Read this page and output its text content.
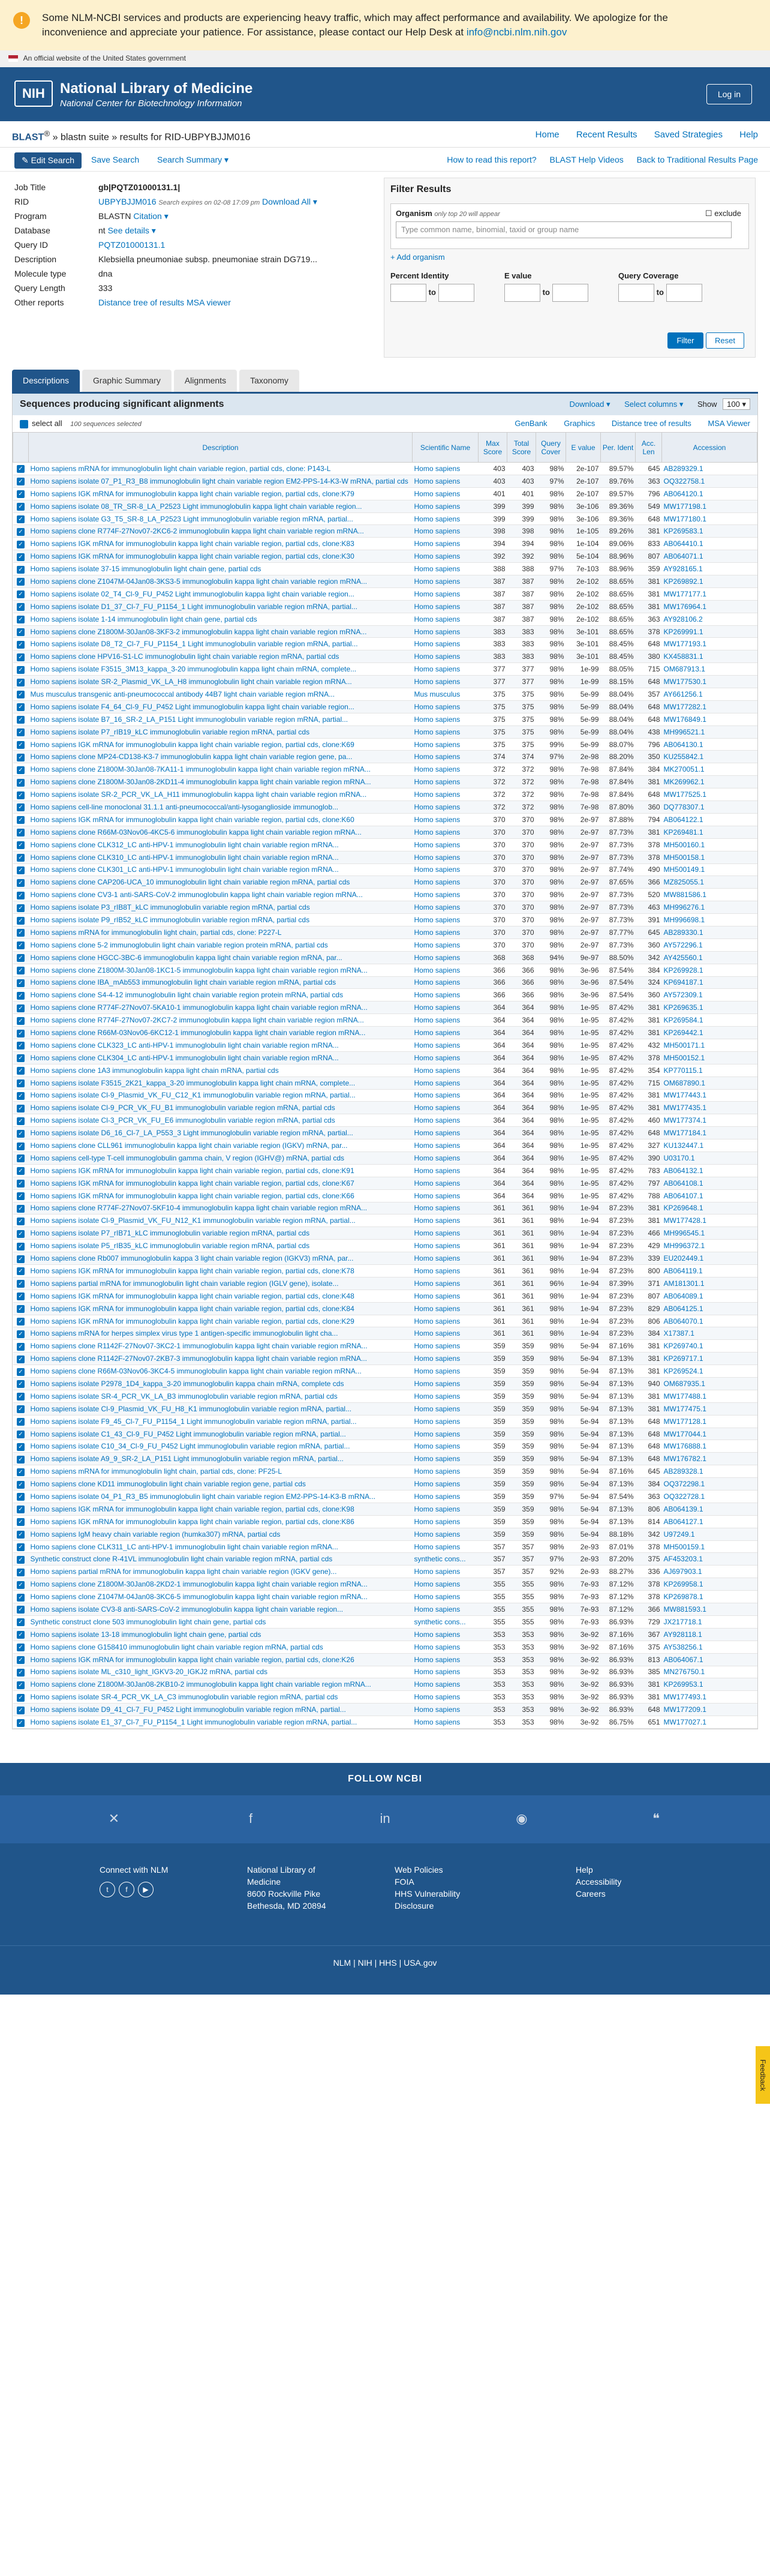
!	Some NLM-NCBI services and products are experiencing heavy traffic, which may affect performance and availability. We apologize for the inconvenience and appreciate your patience. For assistance, please contact our Help Desk at info@ncbi.nlm.nih.gov
An official website of the United States government
NIH	National Library of Medicine
National Center for Biotechnology Information
Log in
BLAST® » blastn suite » results for RID-UBPYBJJM016	Home Recent Results Saved Strategies Help
✎ Edit Search	Save Search Search Summary ▾	How to read this report? BLAST Help Videos Back to Traditional Results Page
Job Title	gb|PQTZ01000131.1|
RID	UBPYBJJM016 Search expires on 02-08 17:09 pm Download All ▾
Program	BLASTN Citation ▾
Database	nt See details ▾
Query ID	PQTZ01000131.1
Description	Klebsiella pneumoniae subsp. pneumoniae strain DG719...
Molecule type	dna
Query Length	333
Other reports	Distance tree of results MSA viewer
Filter Results
Organism only top 20 will appear	☐ exclude
Type common name, binomial, taxid or group name
+ Add organism
Percent Identity
to
E value
to
Query Coverage
to
Filter	Reset
Descriptions	Graphic Summary	Alignments	Taxonomy
Sequences producing significant alignments	Download ▾ Select columns ▾ Show 100 ▾
select all 100 sequences selected	GenBank Graphics Distance tree of results MSA Viewer
	Description	Scientific Name	Max Score	Total Score	Query Cover	E value	Per. Ident	Acc. Len	Accession
✓	Homo sapiens mRNA for immunoglobulin light chain variable region, partial cds, clone: P143-L	Homo sapiens	403	403	98%	2e-107	89.57%	645	AB289329.1
✓	Homo sapiens isolate 07_P1_R3_B8 immunoglobulin light chain variable region EM2-PPS-14-K3-W mRNA, partial cds	Homo sapiens	403	403	97%	2e-107	89.76%	363	OQ322758.1
✓	Homo sapiens IGK mRNA for immunoglobulin kappa light chain variable region, partial cds, clone:K79	Homo sapiens	401	401	98%	2e-107	89.57%	796	AB064120.1
✓	Homo sapiens isolate 08_TR_SR-8_LA_P2523 Light immunoglobulin kappa light chain variable region...	Homo sapiens	399	399	98%	3e-106	89.36%	549	MW177198.1
✓	Homo sapiens isolate G3_T5_SR-8_LA_P2523 Light immunoglobulin variable region mRNA, partial...	Homo sapiens	399	399	98%	3e-106	89.36%	648	MW177180.1
✓	Homo sapiens clone R774F-27Nov07-2KC6-2 immunoglobulin kappa light chain variable region mRNA...	Homo sapiens	398	398	98%	1e-105	89.26%	381	KP269583.1
✓	Homo sapiens IGK mRNA for immunoglobulin kappa light chain variable region, partial cds, clone:K83	Homo sapiens	394	394	98%	1e-104	89.06%	833	AB064410.1
✓	Homo sapiens IGK mRNA for immunoglobulin kappa light chain variable region, partial cds, clone:K30	Homo sapiens	392	392	98%	5e-104	88.96%	807	AB064071.1
✓	Homo sapiens isolate 37-15 immunoglobulin light chain gene, partial cds	Homo sapiens	388	388	97%	7e-103	88.96%	359	AY928165.1
✓	Homo sapiens clone Z1047M-04Jan08-3KS3-5 immunoglobulin kappa light chain variable region mRNA...	Homo sapiens	387	387	98%	2e-102	88.65%	381	KP269892.1
✓	Homo sapiens isolate 02_T4_Cl-9_FU_P452 Light immunoglobulin kappa light chain variable region...	Homo sapiens	387	387	98%	2e-102	88.65%	381	MW177177.1
✓	Homo sapiens isolate D1_37_Cl-7_FU_P1154_1 Light immunoglobulin variable region mRNA, partial...	Homo sapiens	387	387	98%	2e-102	88.65%	381	MW176964.1
✓	Homo sapiens isolate 1-14 immunoglobulin light chain gene, partial cds	Homo sapiens	387	387	98%	2e-102	88.65%	363	AY928106.2
✓	Homo sapiens clone Z1800M-30Jan08-3KF3-2 immunoglobulin kappa light chain variable region mRNA...	Homo sapiens	383	383	98%	3e-101	88.65%	378	KP269991.1
✓	Homo sapiens isolate D8_T2_Cl-7_FU_P1154_1 Light immunoglobulin variable region mRNA, partial...	Homo sapiens	383	383	98%	3e-101	88.45%	648	MW177193.1
✓	Homo sapiens clone HPV16-S1-LC immunoglobulin light chain variable region mRNA, partial cds	Homo sapiens	383	383	98%	3e-101	88.45%	380	KX458831.1
✓	Homo sapiens isolate F3515_3M13_kappa_3-20 immunoglobulin kappa light chain mRNA, complete...	Homo sapiens	377	377	98%	1e-99	88.05%	715	OM687913.1
✓	Homo sapiens isolate SR-2_Plasmid_VK_LA_H8 immunoglobulin light chain variable region mRNA...	Homo sapiens	377	377	98%	1e-99	88.15%	648	MW177530.1
✓	Mus musculus transgenic anti-pneumococcal antibody 44B7 light chain variable region mRNA...	Mus musculus	375	375	98%	5e-99	88.04%	357	AY661256.1
✓	Homo sapiens isolate F4_64_Cl-9_FU_P452 Light immunoglobulin kappa light chain variable region...	Homo sapiens	375	375	98%	5e-99	88.04%	648	MW177282.1
✓	Homo sapiens isolate B7_16_SR-2_LA_P151 Light immunoglobulin variable region mRNA, partial...	Homo sapiens	375	375	98%	5e-99	88.04%	648	MW176849.1
✓	Homo sapiens isolate P7_rIB19_kLC immunoglobulin variable region mRNA, partial cds	Homo sapiens	375	375	98%	5e-99	88.04%	438	MH996521.1
✓	Homo sapiens IGK mRNA for immunoglobulin kappa light chain variable region, partial cds, clone:K69	Homo sapiens	375	375	99%	5e-99	88.07%	796	AB064130.1
✓	Homo sapiens clone MP24-CD138-K3-7 immunoglobulin kappa light chain variable region gene, pa...	Homo sapiens	374	374	97%	2e-98	88.20%	350	KU255842.1
✓	Homo sapiens clone Z1800M-30Jan08-7KA11-1 immunoglobulin kappa light chain variable region mRNA...	Homo sapiens	372	372	98%	7e-98	87.84%	384	MK270051.1
✓	Homo sapiens clone Z1800M-30Jan08-2KD11-4 immunoglobulin kappa light chain variable region mRNA...	Homo sapiens	372	372	98%	7e-98	87.84%	381	MK269962.1
✓	Homo sapiens isolate SR-2_PCR_VK_LA_H11 immunoglobulin kappa light chain variable region mRNA...	Homo sapiens	372	372	98%	7e-98	87.84%	648	MW177525.1
✓	Homo sapiens cell-line monoclonal 31.1.1 anti-pneumococcal/anti-lysoganglioside immunoglob...	Homo sapiens	372	372	98%	7e-98	87.80%	360	DQ778307.1
✓	Homo sapiens IGK mRNA for immunoglobulin kappa light chain variable region, partial cds, clone:K60	Homo sapiens	370	370	98%	2e-97	87.88%	794	AB064122.1
✓	Homo sapiens clone R66M-03Nov06-4KC5-6 immunoglobulin kappa light chain variable region mRNA...	Homo sapiens	370	370	98%	2e-97	87.73%	381	KP269481.1
✓	Homo sapiens clone CLK312_LC anti-HPV-1 immunoglobulin light chain variable region mRNA...	Homo sapiens	370	370	98%	2e-97	87.73%	378	MH500160.1
✓	Homo sapiens clone CLK310_LC anti-HPV-1 immunoglobulin light chain variable region mRNA...	Homo sapiens	370	370	98%	2e-97	87.73%	378	MH500158.1
✓	Homo sapiens clone CLK301_LC anti-HPV-1 immunoglobulin light chain variable region mRNA...	Homo sapiens	370	370	98%	2e-97	87.74%	490	MH500149.1
✓	Homo sapiens clone CAP206-UCA_10 immunoglobulin light chain variable region mRNA, partial cds	Homo sapiens	370	370	98%	2e-97	87.65%	366	MZ825055.1
✓	Homo sapiens clone CV3-1 anti-SARS-CoV-2 immunoglobulin kappa light chain variable region mRNA...	Homo sapiens	370	370	98%	2e-97	87.73%	520	MW881586.1
✓	Homo sapiens isolate P3_rIB8T_kLC immunoglobulin variable region mRNA, partial cds	Homo sapiens	370	370	98%	2e-97	87.73%	463	MH996276.1
✓	Homo sapiens isolate P9_rIB52_kLC immunoglobulin variable region mRNA, partial cds	Homo sapiens	370	370	98%	2e-97	87.73%	391	MH996698.1
✓	Homo sapiens mRNA for immunoglobulin light chain, partial cds, clone: P227-L	Homo sapiens	370	370	98%	2e-97	87.77%	645	AB289330.1
✓	Homo sapiens clone 5-2 immunoglobulin light chain variable region protein mRNA, partial cds	Homo sapiens	370	370	98%	2e-97	87.73%	360	AY572296.1
✓	Homo sapiens clone HGCC-3BC-6 immunoglobulin kappa light chain variable region mRNA, par...	Homo sapiens	368	368	94%	9e-97	88.50%	342	AY425560.1
✓	Homo sapiens clone Z1800M-30Jan08-1KC1-5 immunoglobulin kappa light chain variable region mRNA...	Homo sapiens	366	366	98%	3e-96	87.54%	384	KP269928.1
✓	Homo sapiens clone IBA_mAb553 immunoglobulin light chain variable region mRNA, partial cds	Homo sapiens	366	366	98%	3e-96	87.54%	324	KP694187.1
✓	Homo sapiens clone S4-4-12 immunoglobulin light chain variable region protein mRNA, partial cds	Homo sapiens	366	366	98%	3e-96	87.54%	360	AY572309.1
✓	Homo sapiens clone R774F-27Nov07-5KA10-1 immunoglobulin kappa light chain variable region mRNA...	Homo sapiens	364	364	98%	1e-95	87.42%	381	KP269635.1
✓	Homo sapiens clone R774F-27Nov07-2KC7-2 immunoglobulin kappa light chain variable region mRNA...	Homo sapiens	364	364	98%	1e-95	87.42%	381	KP269584.1
✓	Homo sapiens clone R66M-03Nov06-6KC12-1 immunoglobulin kappa light chain variable region mRNA...	Homo sapiens	364	364	98%	1e-95	87.42%	381	KP269442.1
✓	Homo sapiens clone CLK323_LC anti-HPV-1 immunoglobulin light chain variable region mRNA...	Homo sapiens	364	364	98%	1e-95	87.42%	432	MH500171.1
✓	Homo sapiens clone CLK304_LC anti-HPV-1 immunoglobulin light chain variable region mRNA...	Homo sapiens	364	364	98%	1e-95	87.42%	378	MH500152.1
✓	Homo sapiens clone 1A3 immunoglobulin kappa light chain mRNA, partial cds	Homo sapiens	364	364	98%	1e-95	87.42%	354	KP770115.1
✓	Homo sapiens isolate F3515_2K21_kappa_3-20 immunoglobulin kappa light chain mRNA, complete...	Homo sapiens	364	364	98%	1e-95	87.42%	715	OM687890.1
✓	Homo sapiens isolate Cl-9_Plasmid_VK_FU_C12_K1 immunoglobulin variable region mRNA, partial...	Homo sapiens	364	364	98%	1e-95	87.42%	381	MW177443.1
✓	Homo sapiens isolate Cl-9_PCR_VK_FU_B1 immunoglobulin variable region mRNA, partial cds	Homo sapiens	364	364	98%	1e-95	87.42%	381	MW177435.1
✓	Homo sapiens isolate Cl-3_PCR_VK_FU_E6 immunoglobulin variable region mRNA, partial cds	Homo sapiens	364	364	98%	1e-95	87.42%	460	MW177374.1
✓	Homo sapiens isolate D6_16_Cl-7_LA_P553_3 Light immunoglobulin variable region mRNA, partial...	Homo sapiens	364	364	98%	1e-95	87.42%	648	MW177184.1
✓	Homo sapiens clone CLL961 immunoglobulin kappa light chain variable region (IGKV) mRNA, par...	Homo sapiens	364	364	98%	1e-95	87.42%	327	KU132447.1
✓	Homo sapiens cell-type T-cell immunoglobulin gamma chain, V region (IGHV@) mRNA, partial cds	Homo sapiens	364	364	98%	1e-95	87.42%	390	U03170.1
✓	Homo sapiens IGK mRNA for immunoglobulin kappa light chain variable region, partial cds, clone:K91	Homo sapiens	364	364	98%	1e-95	87.42%	783	AB064132.1
✓	Homo sapiens IGK mRNA for immunoglobulin kappa light chain variable region, partial cds, clone:K67	Homo sapiens	364	364	98%	1e-95	87.42%	797	AB064108.1
✓	Homo sapiens IGK mRNA for immunoglobulin kappa light chain variable region, partial cds, clone:K66	Homo sapiens	364	364	98%	1e-95	87.42%	788	AB064107.1
✓	Homo sapiens clone R774F-27Nov07-5KF10-4 immunoglobulin kappa light chain variable region mRNA...	Homo sapiens	361	361	98%	1e-94	87.23%	381	KP269648.1
✓	Homo sapiens isolate Cl-9_Plasmid_VK_FU_N12_K1 immunoglobulin variable region mRNA, partial...	Homo sapiens	361	361	98%	1e-94	87.23%	381	MW177428.1
✓	Homo sapiens isolate P7_rIB71_kLC immunoglobulin variable region mRNA, partial cds	Homo sapiens	361	361	98%	1e-94	87.23%	466	MH996545.1
✓	Homo sapiens isolate P5_rIB35_kLC immunoglobulin variable region mRNA, partial cds	Homo sapiens	361	361	98%	1e-94	87.23%	429	MH996372.1
✓	Homo sapiens clone Rb007 immunoglobulin kappa 3 light chain variable region (IGKV3) mRNA, par...	Homo sapiens	361	361	98%	1e-94	87.23%	339	EU202449.1
✓	Homo sapiens IGK mRNA for immunoglobulin kappa light chain variable region, partial cds, clone:K78	Homo sapiens	361	361	98%	1e-94	87.23%	800	AB064119.1
✓	Homo sapiens partial mRNA for immunoglobulin light chain variable region (IGLV gene), isolate...	Homo sapiens	361	361	96%	1e-94	87.39%	371	AM181301.1
✓	Homo sapiens IGK mRNA for immunoglobulin kappa light chain variable region, partial cds, clone:K48	Homo sapiens	361	361	98%	1e-94	87.23%	807	AB064089.1
✓	Homo sapiens IGK mRNA for immunoglobulin kappa light chain variable region, partial cds, clone:K84	Homo sapiens	361	361	98%	1e-94	87.23%	829	AB064125.1
✓	Homo sapiens IGK mRNA for immunoglobulin kappa light chain variable region, partial cds, clone:K29	Homo sapiens	361	361	98%	1e-94	87.23%	806	AB064070.1
✓	Homo sapiens mRNA for herpes simplex virus type 1 antigen-specific immunoglobulin light cha...	Homo sapiens	361	361	98%	1e-94	87.23%	384	X17387.1
✓	Homo sapiens clone R1142F-27Nov07-3KC2-1 immunoglobulin kappa light chain variable region mRNA...	Homo sapiens	359	359	98%	5e-94	87.16%	381	KP269740.1
✓	Homo sapiens clone R1142F-27Nov07-2KB7-3 immunoglobulin kappa light chain variable region mRNA...	Homo sapiens	359	359	98%	5e-94	87.13%	381	KP269717.1
✓	Homo sapiens clone R66M-03Nov06-3KC4-5 immunoglobulin kappa light chain variable region mRNA...	Homo sapiens	359	359	98%	5e-94	87.13%	381	KP269524.1
✓	Homo sapiens isolate P2978_1D4_kappa_3-20 immunoglobulin kappa chain mRNA, complete cds	Homo sapiens	359	359	98%	5e-94	87.13%	940	OM687935.1
✓	Homo sapiens isolate SR-4_PCR_VK_LA_B3 immunoglobulin variable region mRNA, partial cds	Homo sapiens	359	359	98%	5e-94	87.13%	381	MW177488.1
✓	Homo sapiens isolate Cl-9_Plasmid_VK_FU_H8_K1 immunoglobulin variable region mRNA, partial...	Homo sapiens	359	359	98%	5e-94	87.13%	381	MW177475.1
✓	Homo sapiens isolate F9_45_Cl-7_FU_P1154_1 Light immunoglobulin variable region mRNA, partial...	Homo sapiens	359	359	98%	5e-94	87.13%	648	MW177128.1
✓	Homo sapiens isolate C1_43_Cl-9_FU_P452 Light immunoglobulin variable region mRNA, partial...	Homo sapiens	359	359	98%	5e-94	87.13%	648	MW177044.1
✓	Homo sapiens isolate C10_34_Cl-9_FU_P452 Light immunoglobulin variable region mRNA, partial...	Homo sapiens	359	359	98%	5e-94	87.13%	648	MW176888.1
✓	Homo sapiens isolate A9_9_SR-2_LA_P151 Light immunoglobulin variable region mRNA, partial...	Homo sapiens	359	359	98%	5e-94	87.13%	648	MW176782.1
✓	Homo sapiens mRNA for immunoglobulin light chain, partial cds, clone: PF25-L	Homo sapiens	359	359	98%	5e-94	87.16%	645	AB289328.1
✓	Homo sapiens clone KD11 immunoglobulin light chain variable region gene, partial cds	Homo sapiens	359	359	98%	5e-94	87.13%	384	OQ372298.1
✓	Homo sapiens isolate 04_P1_R3_B5 immunoglobulin light chain variable region EM2-PPS-14-K3-B mRNA...	Homo sapiens	359	359	97%	5e-94	87.54%	363	OQ322728.1
✓	Homo sapiens IGK mRNA for immunoglobulin kappa light chain variable region, partial cds, clone:K98	Homo sapiens	359	359	98%	5e-94	87.13%	806	AB064139.1
✓	Homo sapiens IGK mRNA for immunoglobulin kappa light chain variable region, partial cds, clone:K86	Homo sapiens	359	359	98%	5e-94	87.13%	814	AB064127.1
✓	Homo sapiens IgM heavy chain variable region (humka307) mRNA, partial cds	Homo sapiens	359	359	98%	5e-94	88.18%	342	U97249.1
✓	Homo sapiens clone CLK311_LC anti-HPV-1 immunoglobulin light chain variable region mRNA...	Homo sapiens	357	357	98%	2e-93	87.01%	378	MH500159.1
✓	Synthetic construct clone R-41VL immunoglobulin light chain variable region mRNA, partial cds	synthetic cons...	357	357	97%	2e-93	87.20%	375	AF453203.1
✓	Homo sapiens partial mRNA for immunoglobulin kappa light chain variable region (IGKV gene)...	Homo sapiens	357	357	92%	2e-93	88.27%	336	AJ697903.1
✓	Homo sapiens clone Z1800M-30Jan08-2KD2-1 immunoglobulin kappa light chain variable region mRNA...	Homo sapiens	355	355	98%	7e-93	87.12%	378	KP269958.1
✓	Homo sapiens clone Z1047M-04Jan08-3KC6-5 immunoglobulin kappa light chain variable region mRNA...	Homo sapiens	355	355	98%	7e-93	87.12%	378	KP269878.1
✓	Homo sapiens isolate CV3-8 anti-SARS-CoV-2 immunoglobulin kappa light chain variable region...	Homo sapiens	355	355	98%	7e-93	87.12%	366	MW881593.1
✓	Synthetic construct clone 503 immunoglobulin light chain gene, partial cds	synthetic cons...	355	355	98%	7e-93	86.93%	729	JX217718.1
✓	Homo sapiens isolate 13-18 immunoglobulin light chain gene, partial cds	Homo sapiens	353	353	98%	3e-92	87.16%	367	AY928118.1
✓	Homo sapiens clone G158410 immunoglobulin light chain variable region mRNA, partial cds	Homo sapiens	353	353	98%	3e-92	87.16%	375	AY538256.1
✓	Homo sapiens IGK mRNA for immunoglobulin kappa light chain variable region, partial cds, clone:K26	Homo sapiens	353	353	98%	3e-92	86.93%	813	AB064067.1
✓	Homo sapiens isolate ML_c310_light_IGKV3-20_IGKJ2 mRNA, partial cds	Homo sapiens	353	353	98%	3e-92	86.93%	385	MN276750.1
✓	Homo sapiens clone Z1800M-30Jan08-2KB10-2 immunoglobulin kappa light chain variable region mRNA...	Homo sapiens	353	353	98%	3e-92	86.93%	381	KP269953.1
✓	Homo sapiens isolate SR-4_PCR_VK_LA_C3 immunoglobulin variable region mRNA, partial cds	Homo sapiens	353	353	98%	3e-92	86.93%	381	MW177493.1
✓	Homo sapiens isolate D9_41_Cl-7_FU_P452 Light immunoglobulin variable region mRNA, partial...	Homo sapiens	353	353	98%	3e-92	86.93%	648	MW177209.1
✓	Homo sapiens isolate E1_37_Cl-7_FU_P1154_1 Light immunoglobulin variable region mRNA, partial...	Homo sapiens	353	353	98%	3e-92	86.75%	651	MW177027.1
FOLLOW NCBI
✕	f	in	◉	❝
Connect with NLM
t f ▶
National Library of
Medicine
8600 Rockville Pike
Bethesda, MD 20894
Web Policies
FOIA
HHS Vulnerability
Disclosure
Help
Accessibility
Careers
NLM | NIH | HHS | USA.gov
Feedback
